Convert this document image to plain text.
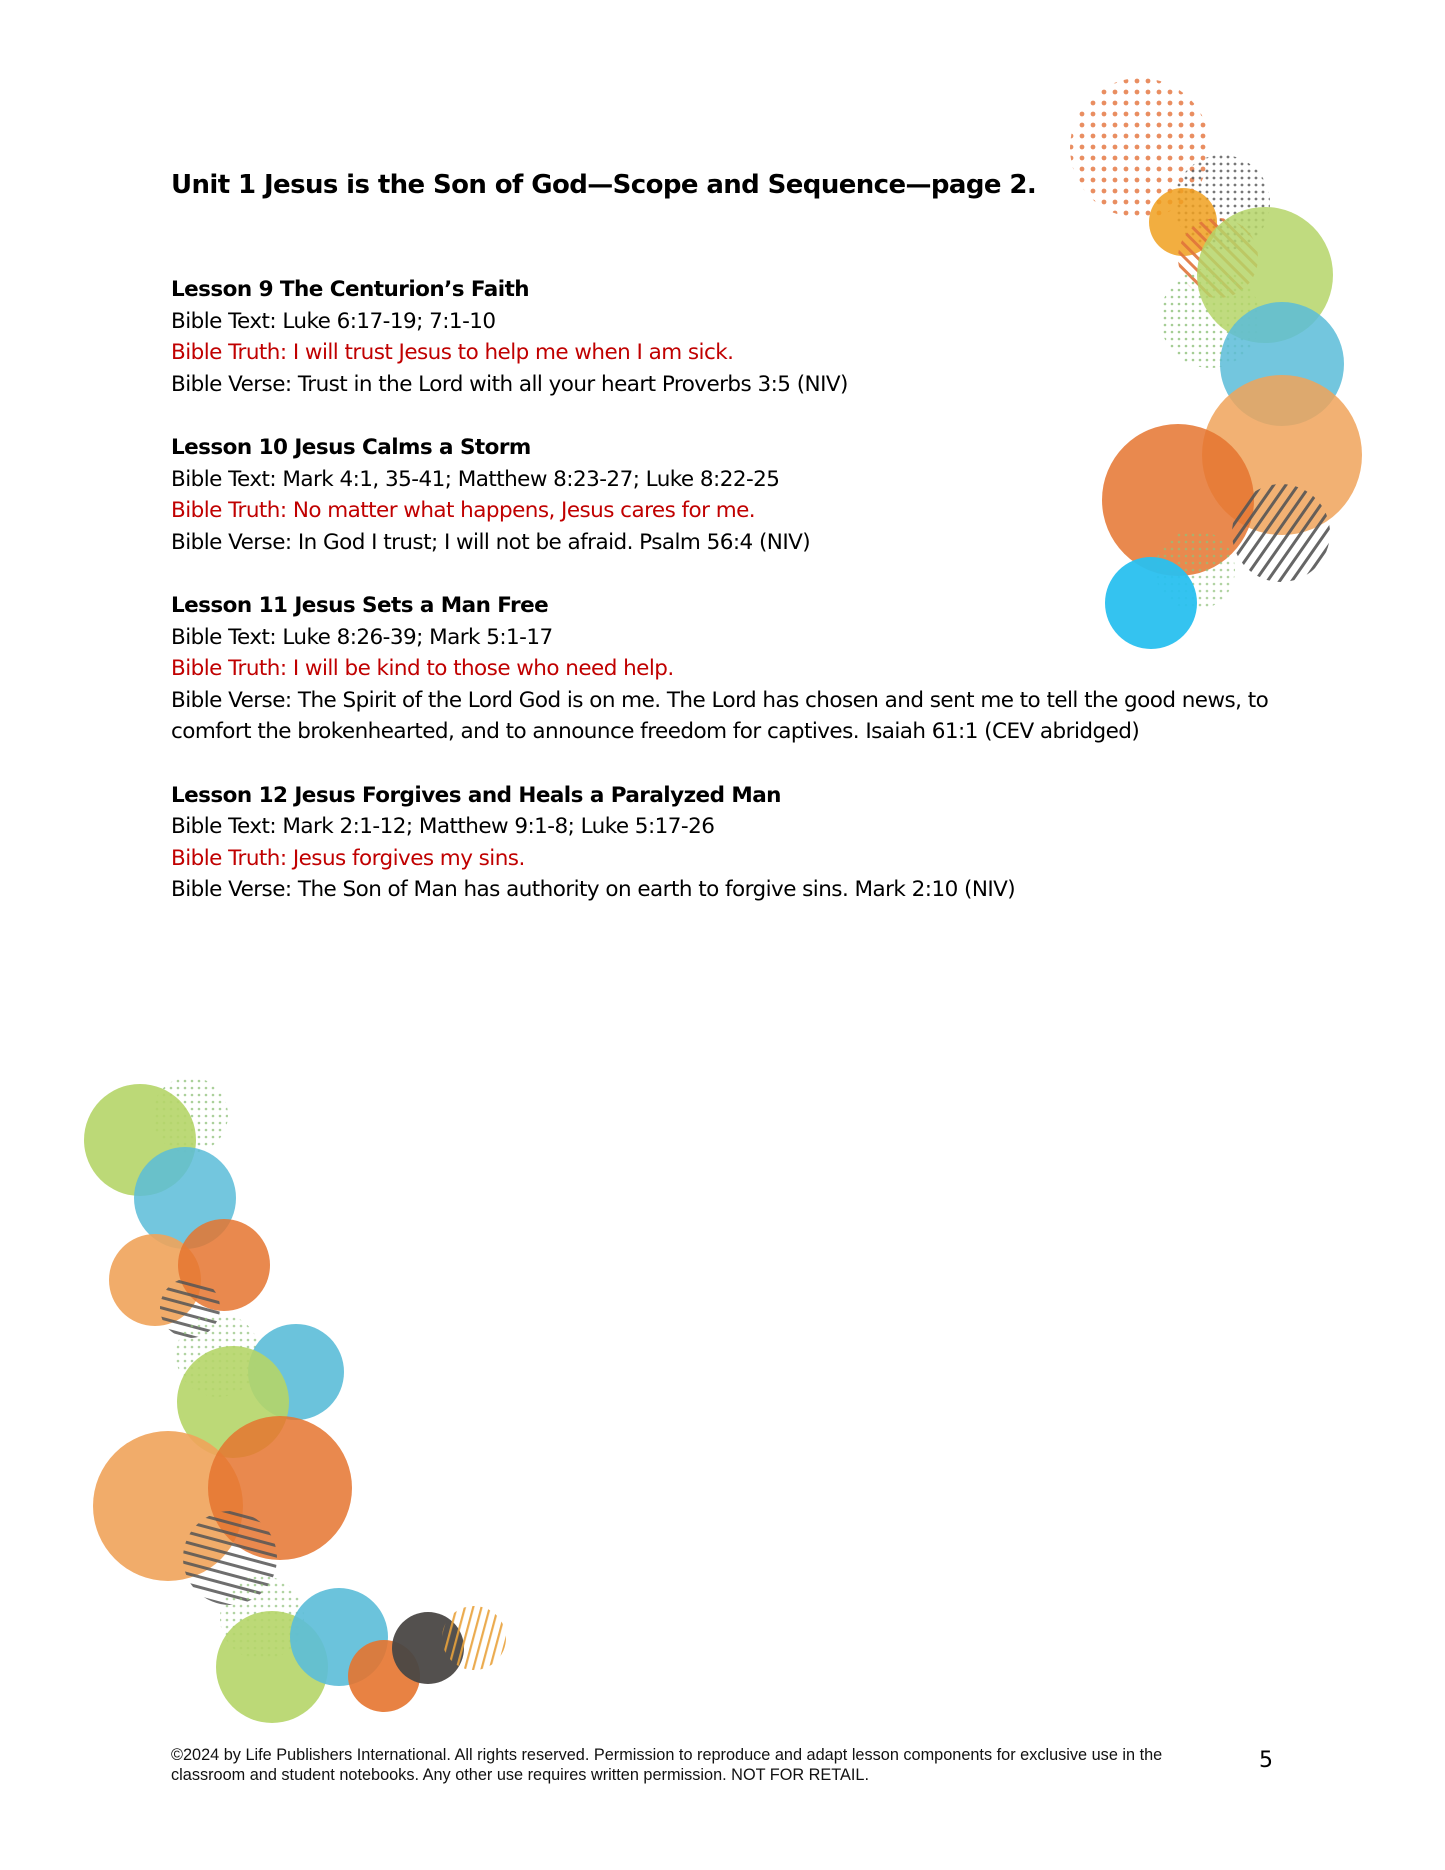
Unit 1 Jesus is the Son of God—Scope and Sequence—page 2.
Lesson 9 The Centurion’s Faith
Bible Text: Luke 6:17-19; 7:1-10
Bible Truth: I will trust Jesus to help me when I am sick.
Bible Verse: Trust in the Lord with all your heart Proverbs 3:5 (NIV)
Lesson 10 Jesus Calms a Storm
Bible Text: Mark 4:1, 35-41; Matthew 8:23-27; Luke 8:22-25
Bible Truth: No matter what happens, Jesus cares for me.
Bible Verse: In God I trust; I will not be afraid. Psalm 56:4 (NIV)
Lesson 11 Jesus Sets a Man Free
Bible Text: Luke 8:26-39; Mark 5:1-17
Bible Truth: I will be kind to those who need help.
Bible Verse: The Spirit of the Lord God is on me. The Lord has chosen and sent me to tell the good news, to comfort the brokenhearted, and to announce freedom for captives. Isaiah 61:1 (CEV abridged)
Lesson 12 Jesus Forgives and Heals a Paralyzed Man
Bible Text: Mark 2:1-12; Matthew 9:1-8; Luke 5:17-26
Bible Truth: Jesus forgives my sins.
Bible Verse: The Son of Man has authority on earth to forgive sins. Mark 2:10 (NIV)
©2024 by Life Publishers International. All rights reserved. Permission to reproduce and adapt lesson components for exclusive use in the classroom and student notebooks. Any other use requires written permission. NOT FOR RETAIL.
5
